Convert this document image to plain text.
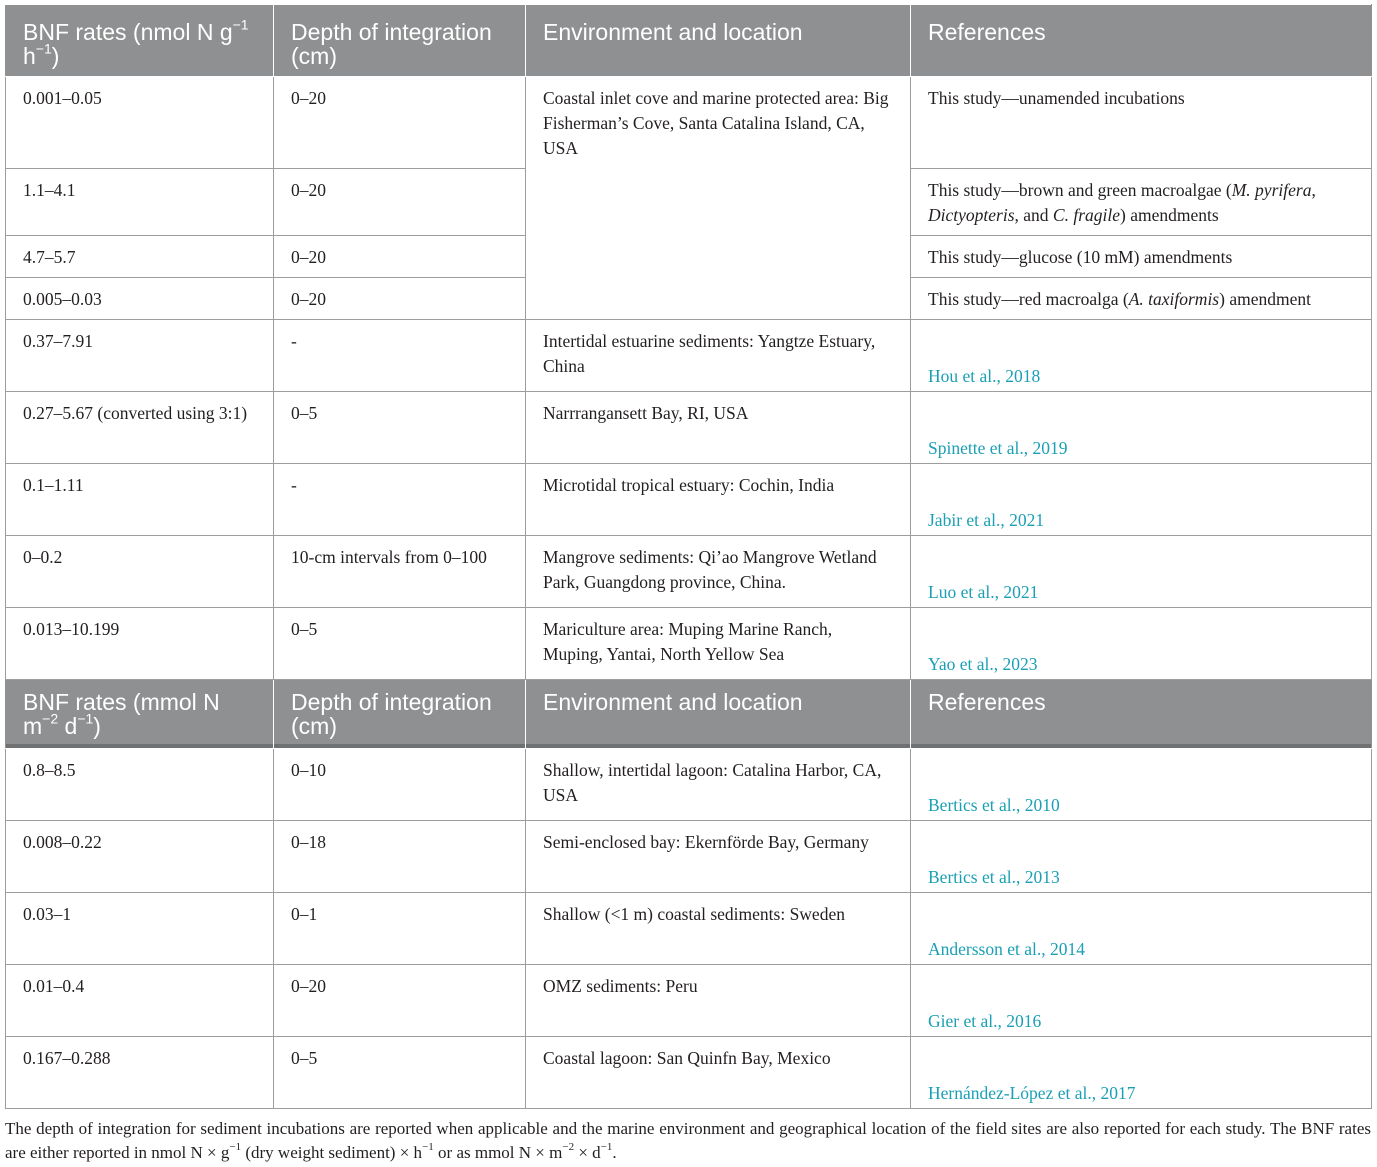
BNF rates (nmol N $g^{-1}$ $h^{-1}$)	Depth of integration (cm)	Environment and location	References
0.001–0.05	0–20	Coastal inlet cove and marine protected area: Big Fisherman’s Cove, Santa Catalina Island, CA, USA	This study—unamended incubations
1.1–4.1	0–20		This study—brown and green macroalgae (M. pyrifera, Dictyopteris, and C. fragile) amendments
4.7–5.7	0–20		This study—glucose (10 mM) amendments
0.005–0.03	0–20		This study—red macroalga (A. taxiformis) amendment
0.37–7.91	-	Intertidal estuarine sediments: Yangtze Estuary, China	Hou et al., 2018

0.27–5.67 (converted using 3:1)	0–5	Narrrangansett Bay, RI, USA	Spinette et al., 2019

0.1–1.11	-	Microtidal tropical estuary: Cochin, India	Jabir et al., 2021

0–0.2	10-cm intervals from 0–100	Mangrove sediments: Qi’ao Mangrove Wetland Park, Guangdong province, China.	Luo et al., 2021

0.013–10.199	0–5	Mariculture area: Muping Marine Ranch, Muping, Yantai, North Yellow Sea	Yao et al., 2023

BNF rates (mmol N $m^{-2}$ $d^{-1}$)	Depth of integration (cm)	Environment and location	References
0.8–8.5	0–10	Shallow, intertidal lagoon: Catalina Harbor, CA, USA	Bertics et al., 2010

0.008–0.22	0–18	Semi-enclosed bay: Ekernförde Bay, Germany	Bertics et al., 2013

0.03–1	0–1	Shallow (<1 m) coastal sediments: Sweden	Andersson et al., 2014

0.01–0.4	0–20	OMZ sediments: Peru	Gier et al., 2016

0.167–0.288	0–5	Coastal lagoon: San Quinfn Bay, Mexico	Hernández-López et al., 2017
The depth of integration for sediment incubations are reported when applicable and the marine environment and geographical location of the field sites are also reported for each study. The BNF rates are either reported in nmol $N \times g^{-1}$ (dry weight sediment) × $h^{-1}$ or as mmol $N \times m^{-2} \times d^{-1}$.
